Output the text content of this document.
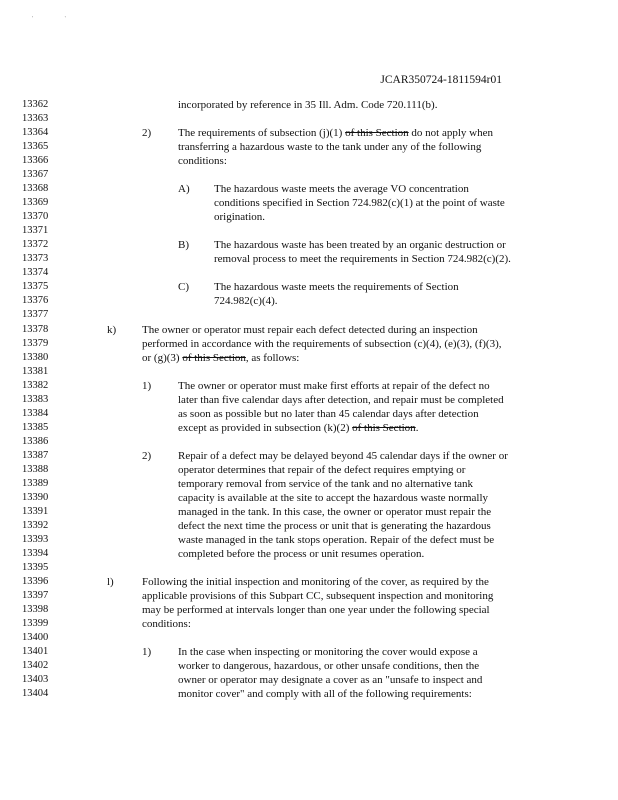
'	'
JCAR350724-1811594r01
13362	incorporated by reference in 35 Ill. Adm. Code 720.111(b).
13363
13364	2) The requirements of subsection (j)(1) of this Section do not apply when
13365	transferring a hazardous waste to the tank under any of the following
13366	conditions:
13367
13368	A) The hazardous waste meets the average VO concentration
13369	conditions specified in Section 724.982(c)(1) at the point of waste
13370	origination.
13371
13372	B) The hazardous waste has been treated by an organic destruction or
13373	removal process to meet the requirements in Section 724.982(c)(2).
13374
13375	C) The hazardous waste meets the requirements of Section
13376	724.982(c)(4).
13377
13378	k) The owner or operator must repair each defect detected during an inspection
13379	performed in accordance with the requirements of subsection (c)(4), (e)(3), (f)(3),
13380	or (g)(3) of this Section, as follows:
13381
13382	1) The owner or operator must make first efforts at repair of the defect no
13383	later than five calendar days after detection, and repair must be completed
13384	as soon as possible but no later than 45 calendar days after detection
13385	except as provided in subsection (k)(2) of this Section.
13386
13387	2) Repair of a defect may be delayed beyond 45 calendar days if the owner or
13388	operator determines that repair of the defect requires emptying or
13389	temporary removal from service of the tank and no alternative tank
13390	capacity is available at the site to accept the hazardous waste normally
13391	managed in the tank. In this case, the owner or operator must repair the
13392	defect the next time the process or unit that is generating the hazardous
13393	waste managed in the tank stops operation. Repair of the defect must be
13394	completed before the process or unit resumes operation.
13395
13396	l)	Following the initial inspection and monitoring of the cover, as required by the
13397	applicable provisions of this Subpart CC, subsequent inspection and monitoring
13398	may be performed at intervals longer than one year under the following special
13399	conditions:
13400
13401	1) In the case when inspecting or monitoring the cover would expose a
13402	worker to dangerous, hazardous, or other unsafe conditions, then the
13403	owner or operator may designate a cover as an "unsafe to inspect and
13404	monitor cover" and comply with all of the following requirements:
